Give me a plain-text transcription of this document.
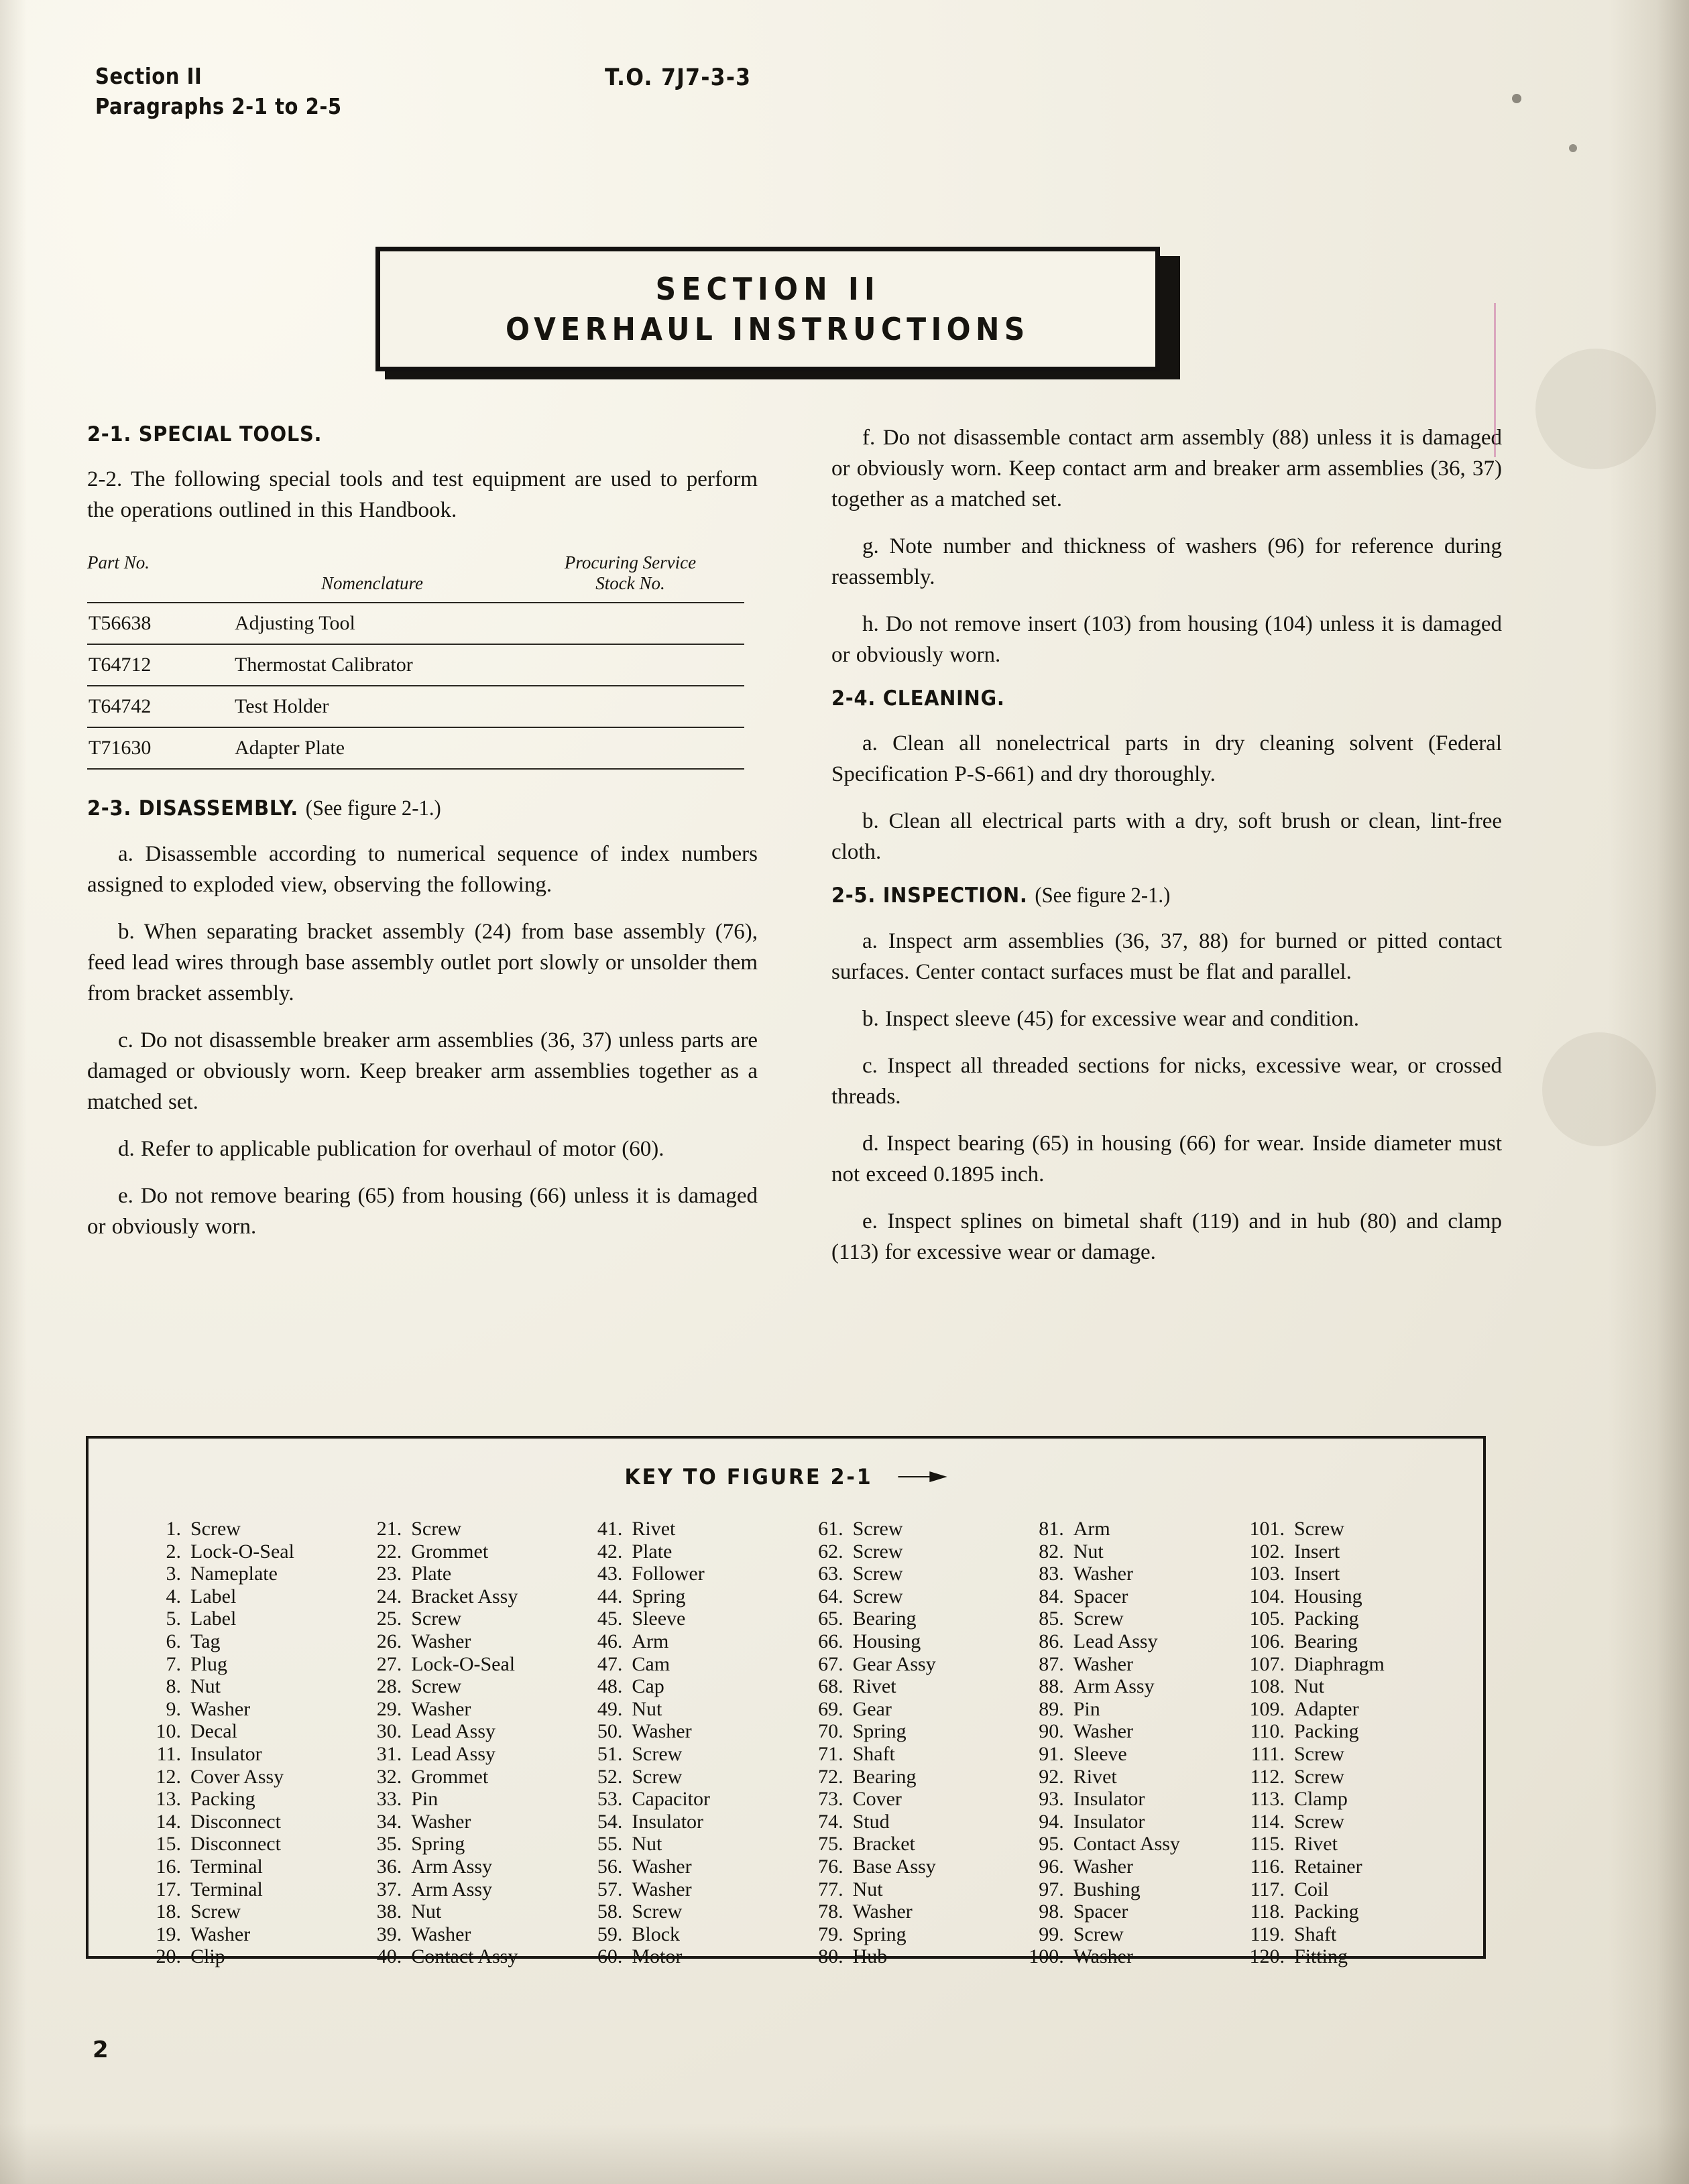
Section II
Paragraphs 2-1 to 2-5
T.O. 7J7-3-3
SECTION II
OVERHAUL INSTRUCTIONS
2-1. SPECIAL TOOLS.

2-2. The following special tools and test equipment are used to perform the operations outlined in this Handbook.

Part No.	Nomenclature	Procuring Service
Stock No.

T56638	Adjusting Tool	
T64712	Thermostat Calibrator	
T64742	Test Holder	
T71630	Adapter Plate	
2-3. DISASSEMBLY. (See figure 2-1.)

a. Disassemble according to numerical sequence of index numbers assigned to exploded view, observing the following.

b. When separating bracket assembly (24) from base assembly (76), feed lead wires through base assembly outlet port slowly or unsolder them from bracket assembly.

c. Do not disassemble breaker arm assemblies (36, 37) unless parts are damaged or obviously worn. Keep breaker arm assemblies together as a matched set.

d. Refer to applicable publication for overhaul of motor (60).

e. Do not remove bearing (65) from housing (66) unless it is damaged or obviously worn.

f. Do not disassemble contact arm assembly (88) unless it is damaged or obviously worn. Keep contact arm and breaker arm assemblies (36, 37) together as a matched set.

g. Note number and thickness of washers (96) for reference during reassembly.

h. Do not remove insert (103) from housing (104) unless it is damaged or obviously worn.

2-4. CLEANING.

a. Clean all nonelectrical parts in dry cleaning solvent (Federal Specification P-S-661) and dry thoroughly.

b. Clean all electrical parts with a dry, soft brush or clean, lint-free cloth.

2-5. INSPECTION. (See figure 2-1.)

a. Inspect arm assemblies (36, 37, 88) for burned or pitted contact surfaces. Center contact surfaces must be flat and parallel.

b. Inspect sleeve (45) for excessive wear and condition.

c. Inspect all threaded sections for nicks, excessive wear, or crossed threads.

d. Inspect bearing (65) in housing (66) for wear. Inside diameter must not exceed 0.1895 inch.

e. Inspect splines on bimetal shaft (119) and in hub (80) and clamp (113) for excessive wear or damage.

KEY TO FIGURE 2-1
1. Screw
2. Lock-O-Seal
3. Nameplate
4. Label
5. Label
6. Tag
7. Plug
8. Nut
9. Washer
10. Decal
11. Insulator
12. Cover Assy
13. Packing
14. Disconnect
15. Disconnect
16. Terminal
17. Terminal
18. Screw
19. Washer
20. Clip
21. Screw
22. Grommet
23. Plate
24. Bracket Assy
25. Screw
26. Washer
27. Lock-O-Seal
28. Screw
29. Washer
30. Lead Assy
31. Lead Assy
32. Grommet
33. Pin
34. Washer
35. Spring
36. Arm Assy
37. Arm Assy
38. Nut
39. Washer
40. Contact Assy
41. Rivet
42. Plate
43. Follower
44. Spring
45. Sleeve
46. Arm
47. Cam
48. Cap
49. Nut
50. Washer
51. Screw
52. Screw
53. Capacitor
54. Insulator
55. Nut
56. Washer
57. Washer
58. Screw
59. Block
60. Motor
61. Screw
62. Screw
63. Screw
64. Screw
65. Bearing
66. Housing
67. Gear Assy
68. Rivet
69. Gear
70. Spring
71. Shaft
72. Bearing
73. Cover
74. Stud
75. Bracket
76. Base Assy
77. Nut
78. Washer
79. Spring
80. Hub
81. Arm
82. Nut
83. Washer
84. Spacer
85. Screw
86. Lead Assy
87. Washer
88. Arm Assy
89. Pin
90. Washer
91. Sleeve
92. Rivet
93. Insulator
94. Insulator
95. Contact Assy
96. Washer
97. Bushing
98. Spacer
99. Screw
100. Washer
101. Screw
102. Insert
103. Insert
104. Housing
105. Packing
106. Bearing
107. Diaphragm
108. Nut
109. Adapter
110. Packing
111. Screw
112. Screw
113. Clamp
114. Screw
115. Rivet
116. Retainer
117. Coil
118. Packing
119. Shaft
120. Fitting
2
